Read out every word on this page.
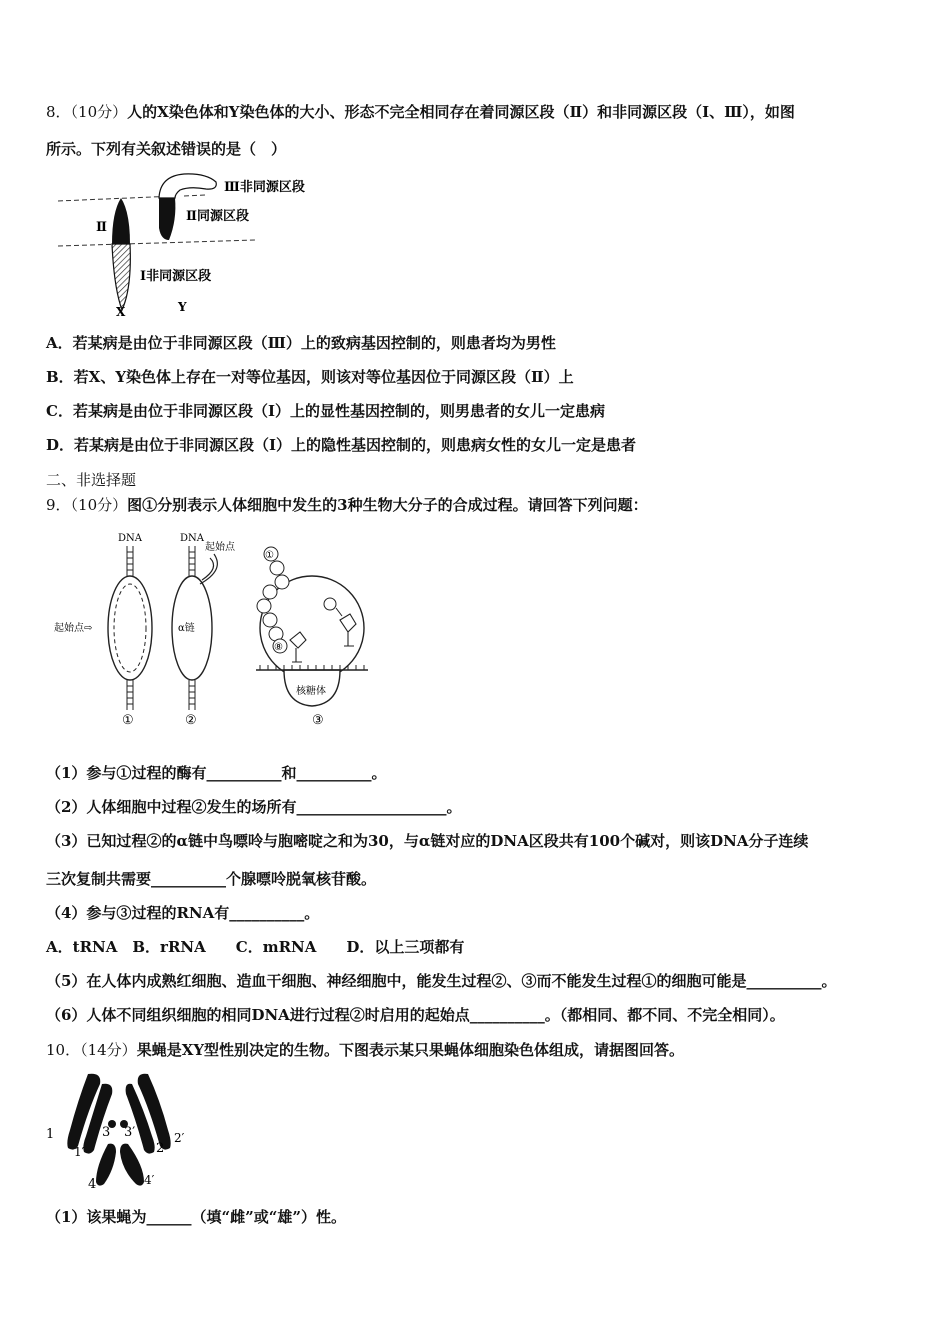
8．（10分）人的X染色体和Y染色体的大小、形态不完全相同存在着同源区段（Ⅱ）和非同源区段（Ⅰ、Ⅲ），如图
所示。下列有关叙述错误的是（　）
Ⅲ非同源区段
Ⅱ同源区段
Ⅰ非同源区段
Ⅱ
X	Y
A．若某病是由位于非同源区段（Ⅲ）上的致病基因控制的，则患者均为男性
B．若X、Y染色体上存在一对等位基因，则该对等位基因位于同源区段（Ⅱ）上
C．若某病是由位于非同源区段（Ⅰ）上的显性基因控制的，则男患者的女儿一定患病
D．若某病是由位于非同源区段（Ⅰ）上的隐性基因控制的，则患病女性的女儿一定是患者
二、非选择题
9．（10分）图①分别表示人体细胞中发生的3种生物大分子的合成过程。请回答下列问题：
DNA
起始点⇨
①
DNA
起始点
α链
②
核糖体
①
⑧
③
（1）参与①过程的酶有__________和__________。
（2）人体细胞中过程②发生的场所有____________________。
（3）已知过程②的α链中鸟嘌呤与胞嘧啶之和为30，与α链对应的DNA区段共有100个碱对，则该DNA分子连续
三次复制共需要__________个腺嘌呤脱氧核苷酸。
（4）参与③过程的RNA有__________。
A．tRNA　B．rRNA　　C．mRNA　　D．以上三项都有
（5）在人体内成熟红细胞、造血干细胞、神经细胞中，能发生过程②、③而不能发生过程①的细胞可能是__________。
（6）人体不同组织细胞的相同DNA进行过程②时启用的起始点__________。（都相同、都不同、不完全相同）。
10．（14分）果蝇是XY型性别决定的生物。下图表示某只果蝇体细胞染色体组成，请据图回答。
1
1′
3 3′
2
2′
4	4′
（1）该果蝇为______（填“雌”或“雄”）性。
